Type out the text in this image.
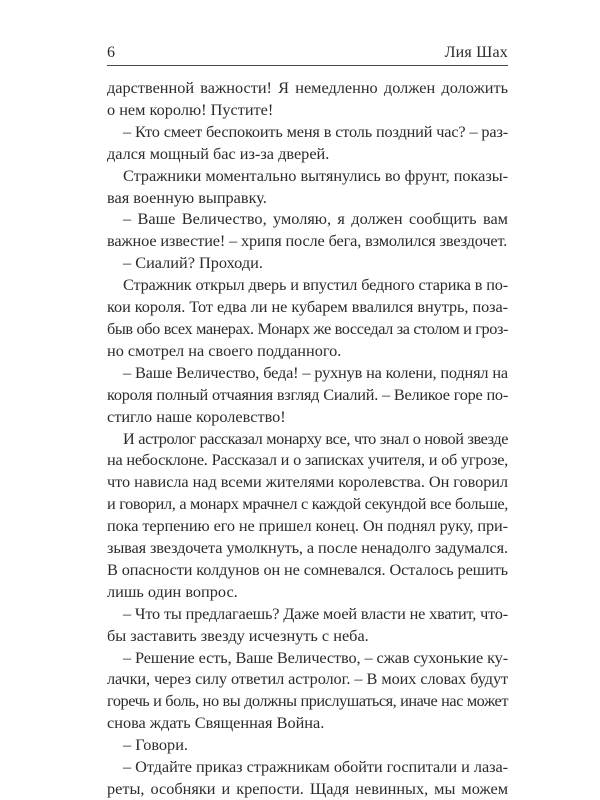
6	Лия Шах
дарственной важности! Я немедленно должен доложить
о нем королю! Пустите!
– Кто смеет беспокоить меня в столь поздний час? – раз-
дался мощный бас из-за дверей.
Стражники моментально вытянулись во фрунт, показы-
вая военную выправку.
– Ваше Величество, умоляю, я должен сообщить вам
важное известие! – хрипя после бега, взмолился звездочет.
– Сиалий? Проходи.
Стражник открыл дверь и впустил бедного старика в по-
кои короля. Тот едва ли не кубарем ввалился внутрь, поза-
быв обо всех манерах. Монарх же восседал за столом и гроз-
но смотрел на своего подданного.
– Ваше Величество, беда! – рухнув на колени, поднял на
короля полный отчаяния взгляд Сиалий. – Великое горе по-
стигло наше королевство!
И астролог рассказал монарху все, что знал о новой звезде
на небосклоне. Рассказал и о записках учителя, и об угрозе,
что нависла над всеми жителями королевства. Он говорил
и говорил, а монарх мрачнел с каждой секундой все больше,
пока терпению его не пришел конец. Он поднял руку, при-
зывая звездочета умолкнуть, а после ненадолго задумался.
В опасности колдунов он не сомневался. Осталось решить
лишь один вопрос.
– Что ты предлагаешь? Даже моей власти не хватит, что-
бы заставить звезду исчезнуть с неба.
– Решение есть, Ваше Величество, – сжав сухонькие ку-
лачки, через силу ответил астролог. – В моих словах будут
горечь и боль, но вы должны прислушаться, иначе нас может
снова ждать Священная Война.
– Говори.
– Отдайте приказ стражникам обойти госпитали и лаза-
реты, особняки и крепости. Щадя невинных, мы можем
